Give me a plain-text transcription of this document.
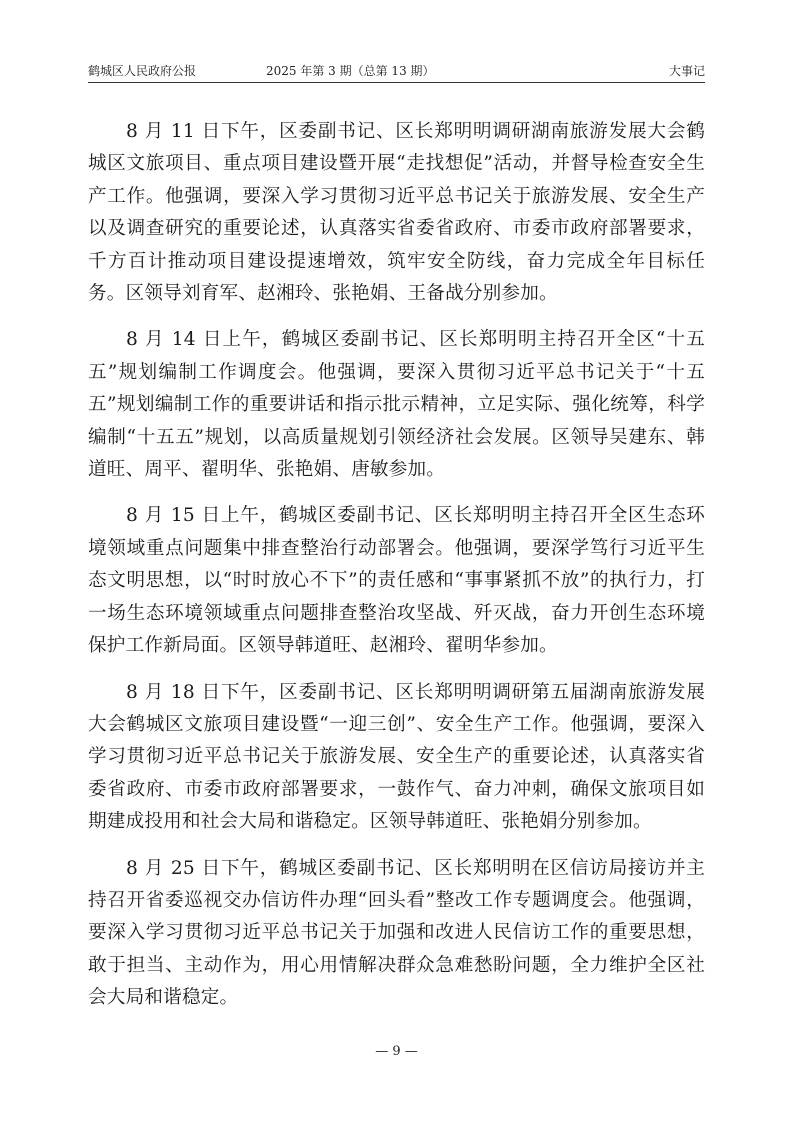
鹤城区人民政府公报	2025 年第 3 期（总第 13 期）	大事记

8 月 11 日下午，区委副书记、区长郑明明调研湖南旅游发展大会鹤城区文旅项目、重点项目建设暨开展“走找想促”活动，并督导检查安全生产工作。他强调，要深入学习贯彻习近平总书记关于旅游发展、安全生产以及调查研究的重要论述，认真落实省委省政府、市委市政府部署要求，千方百计推动项目建设提速增效，筑牢安全防线，奋力完成全年目标任务。区领导刘育军、赵湘玲、张艳娟、王备战分别参加。

8 月 14 日上午，鹤城区委副书记、区长郑明明主持召开全区“十五五”规划编制工作调度会。他强调，要深入贯彻习近平总书记关于“十五五”规划编制工作的重要讲话和指示批示精神，立足实际、强化统筹，科学编制“十五五”规划，以高质量规划引领经济社会发展。区领导吴建东、韩道旺、周平、翟明华、张艳娟、唐敏参加。

8 月 15 日上午，鹤城区委副书记、区长郑明明主持召开全区生态环境领域重点问题集中排查整治行动部署会。他强调，要深学笃行习近平生态文明思想，以“时时放心不下”的责任感和“事事紧抓不放”的执行力，打一场生态环境领域重点问题排查整治攻坚战、歼灭战，奋力开创生态环境保护工作新局面。区领导韩道旺、赵湘玲、翟明华参加。

8 月 18 日下午，区委副书记、区长郑明明调研第五届湖南旅游发展大会鹤城区文旅项目建设暨“一迎三创”、安全生产工作。他强调，要深入学习贯彻习近平总书记关于旅游发展、安全生产的重要论述，认真落实省委省政府、市委市政府部署要求，一鼓作气、奋力冲刺，确保文旅项目如期建成投用和社会大局和谐稳定。区领导韩道旺、张艳娟分别参加。

8 月 25 日下午，鹤城区委副书记、区长郑明明在区信访局接访并主持召开省委巡视交办信访件办理“回头看”整改工作专题调度会。他强调，要深入学习贯彻习近平总书记关于加强和改进人民信访工作的重要思想，敢于担当、主动作为，用心用情解决群众急难愁盼问题，全力维护全区社会大局和谐稳定。

— 9 —
